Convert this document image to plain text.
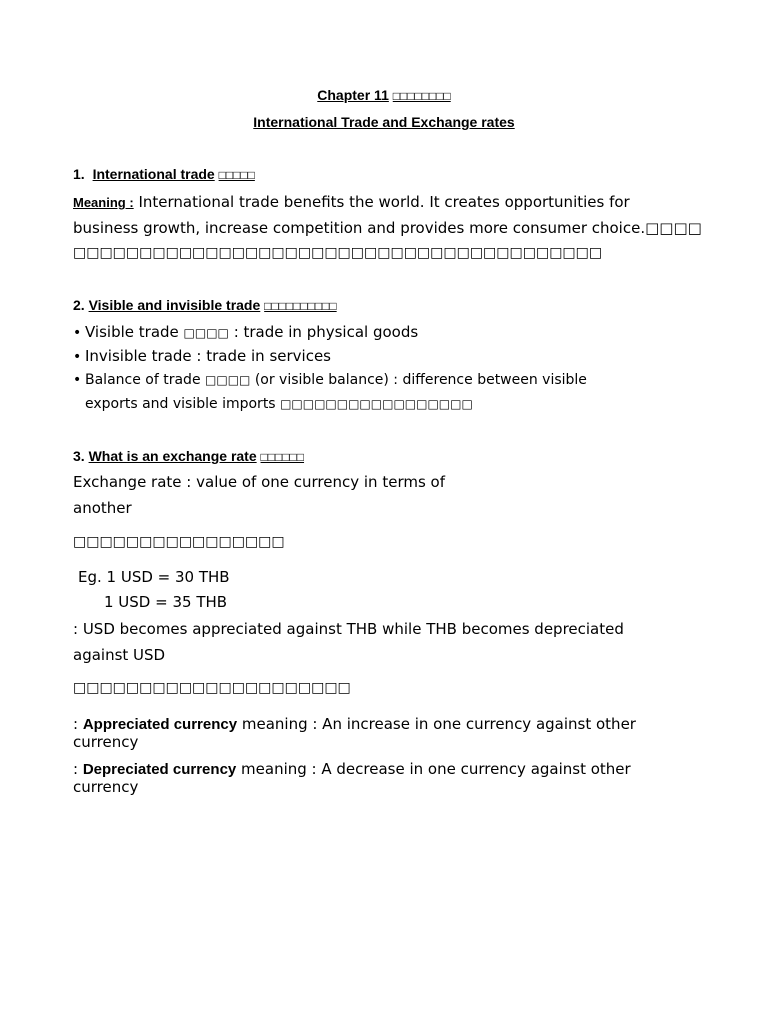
Chapter 11 □□□□□□□□
International Trade and Exchange rates
1. International trade □□□□□
Meaning : International trade benefits the world. It creates opportunities for
business growth, increase competition and provides more consumer choice.□□□□
□□□□□□□□□□□□□□□□□□□□□□□□□□□□□□□□□□□□□□□□
2. Visible and invisible trade □□□□□□□□□□
• Visible trade □□□□ : trade in physical goods
• Invisible trade : trade in services
• Balance of trade □□□□ (or visible balance) : difference between visible
exports and visible imports □□□□□□□□□□□□□□□□□
3. What is an exchange rate □□□□□□
Exchange rate : value of one currency in terms of
another
□□□□□□□□□□□□□□□□
Eg. 1 USD = 30 THB
1 USD = 35 THB
: USD becomes appreciated against THB while THB becomes depreciated
against USD
□□□□□□□□□□□□□□□□□□□□□
: Appreciated currency meaning : An increase in one currency against other
currency
: Depreciated currency meaning : A decrease in one currency against other
currency
